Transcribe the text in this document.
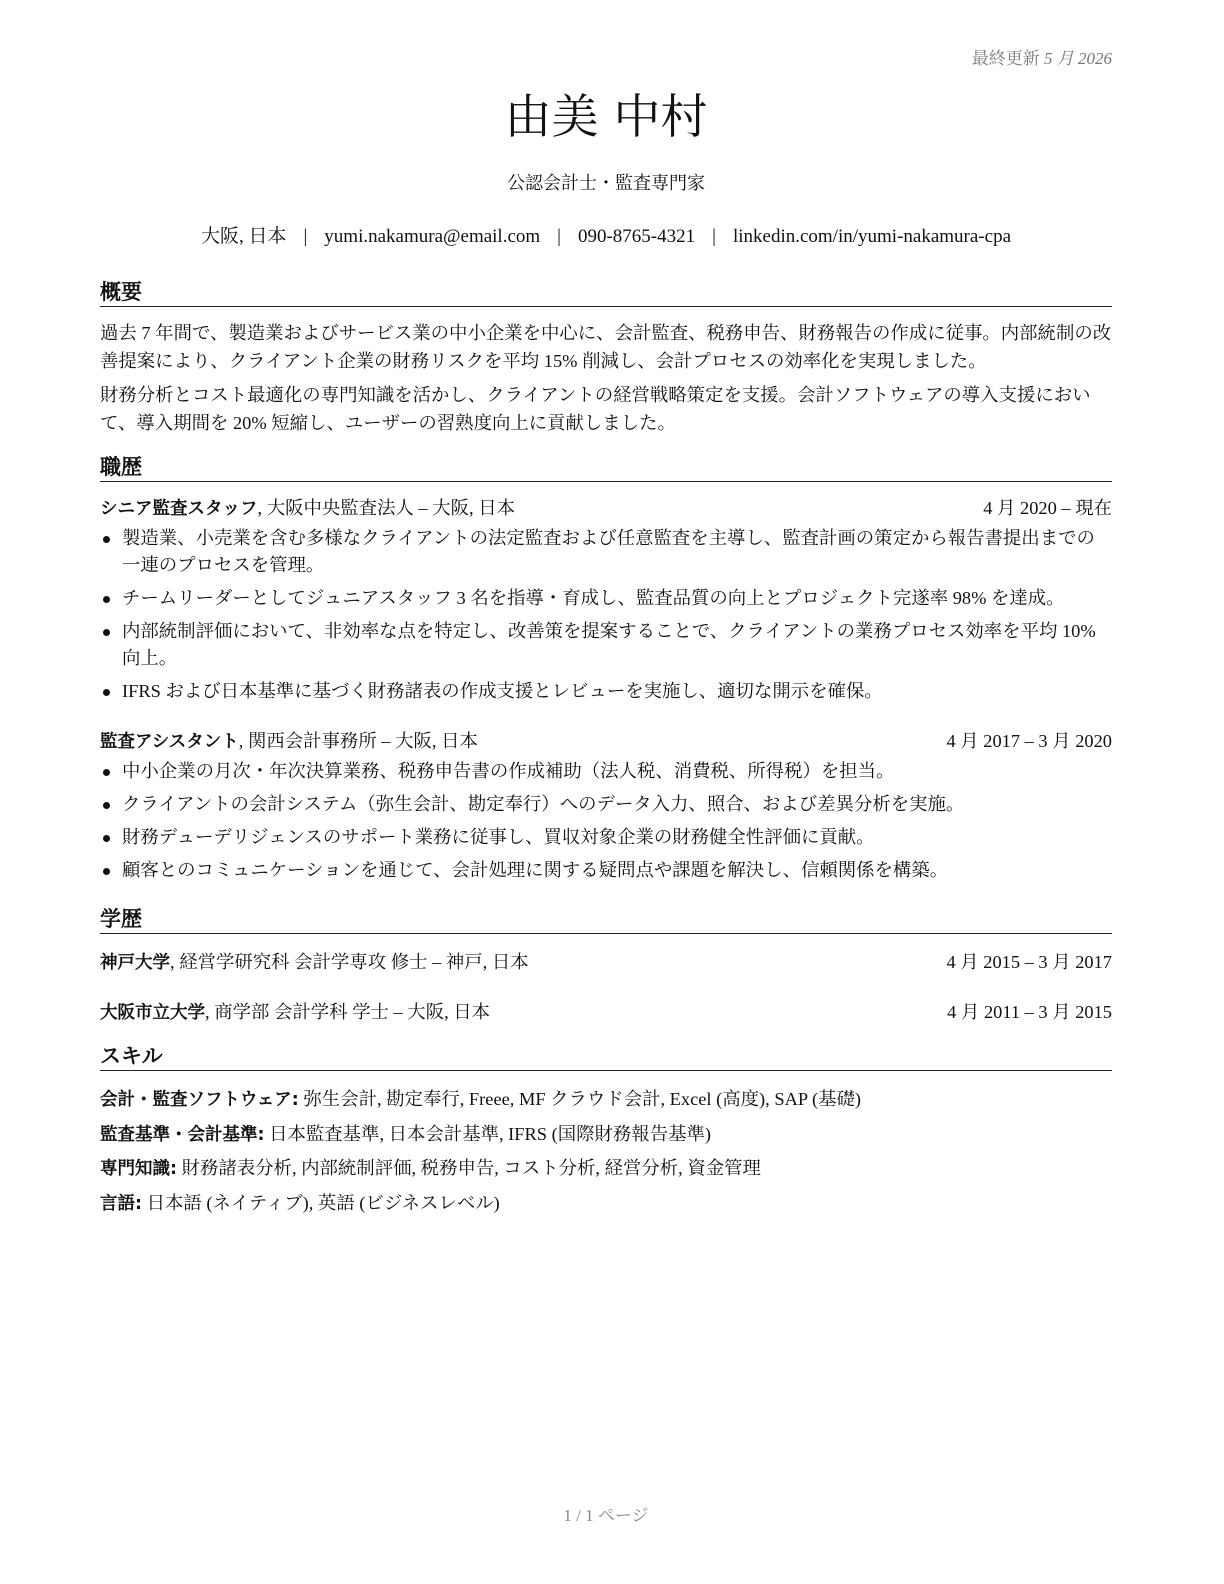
最終更新 5 月 2026
由美 中村
公認会計士・監査専門家
大阪, 日本 | yumi.nakamura@email.com | 090-8765-4321 | linkedin.com/in/yumi-nakamura-cpa
概要
過去 7 年間で、製造業およびサービス業の中小企業を中心に、会計監査、税務申告、財務報告の作成に従事。内部統制の改善提案により、クライアント企業の財務リスクを平均 15% 削減し、会計プロセスの効率化を実現しました。
財務分析とコスト最適化の専門知識を活かし、クライアントの経営戦略策定を支援。会計ソフトウェアの導入支援において、導入期間を 20% 短縮し、ユーザーの習熟度向上に貢献しました。
職歴
シニア監査スタッフ, 大阪中央監査法人 – 大阪, 日本	4 月 2020 – 現在
製造業、小売業を含む多様なクライアントの法定監査および任意監査を主導し、監査計画の策定から報告書提出までの一連のプロセスを管理。
チームリーダーとしてジュニアスタッフ 3 名を指導・育成し、監査品質の向上とプロジェクト完遂率 98% を達成。
内部統制評価において、非効率な点を特定し、改善策を提案することで、クライアントの業務プロセス効率を平均 10% 向上。
IFRS および日本基準に基づく財務諸表の作成支援とレビューを実施し、適切な開示を確保。
監査アシスタント, 関西会計事務所 – 大阪, 日本	4 月 2017 – 3 月 2020
中小企業の月次・年次決算業務、税務申告書の作成補助（法人税、消費税、所得税）を担当。
クライアントの会計システム（弥生会計、勘定奉行）へのデータ入力、照合、および差異分析を実施。
財務デューデリジェンスのサポート業務に従事し、買収対象企業の財務健全性評価に貢献。
顧客とのコミュニケーションを通じて、会計処理に関する疑問点や課題を解決し、信頼関係を構築。
学歴
神戸大学, 経営学研究科 会計学専攻 修士 – 神戸, 日本	4 月 2015 – 3 月 2017
大阪市立大学, 商学部 会計学科 学士 – 大阪, 日本	4 月 2011 – 3 月 2015
スキル
会計・監査ソフトウェア: 弥生会計, 勘定奉行, Freee, MF クラウド会計, Excel (高度), SAP (基礎)
監査基準・会計基準: 日本監査基準, 日本会計基準, IFRS (国際財務報告基準)
専門知識: 財務諸表分析, 内部統制評価, 税務申告, コスト分析, 経営分析, 資金管理
言語: 日本語 (ネイティブ), 英語 (ビジネスレベル)
1 / 1 ページ
